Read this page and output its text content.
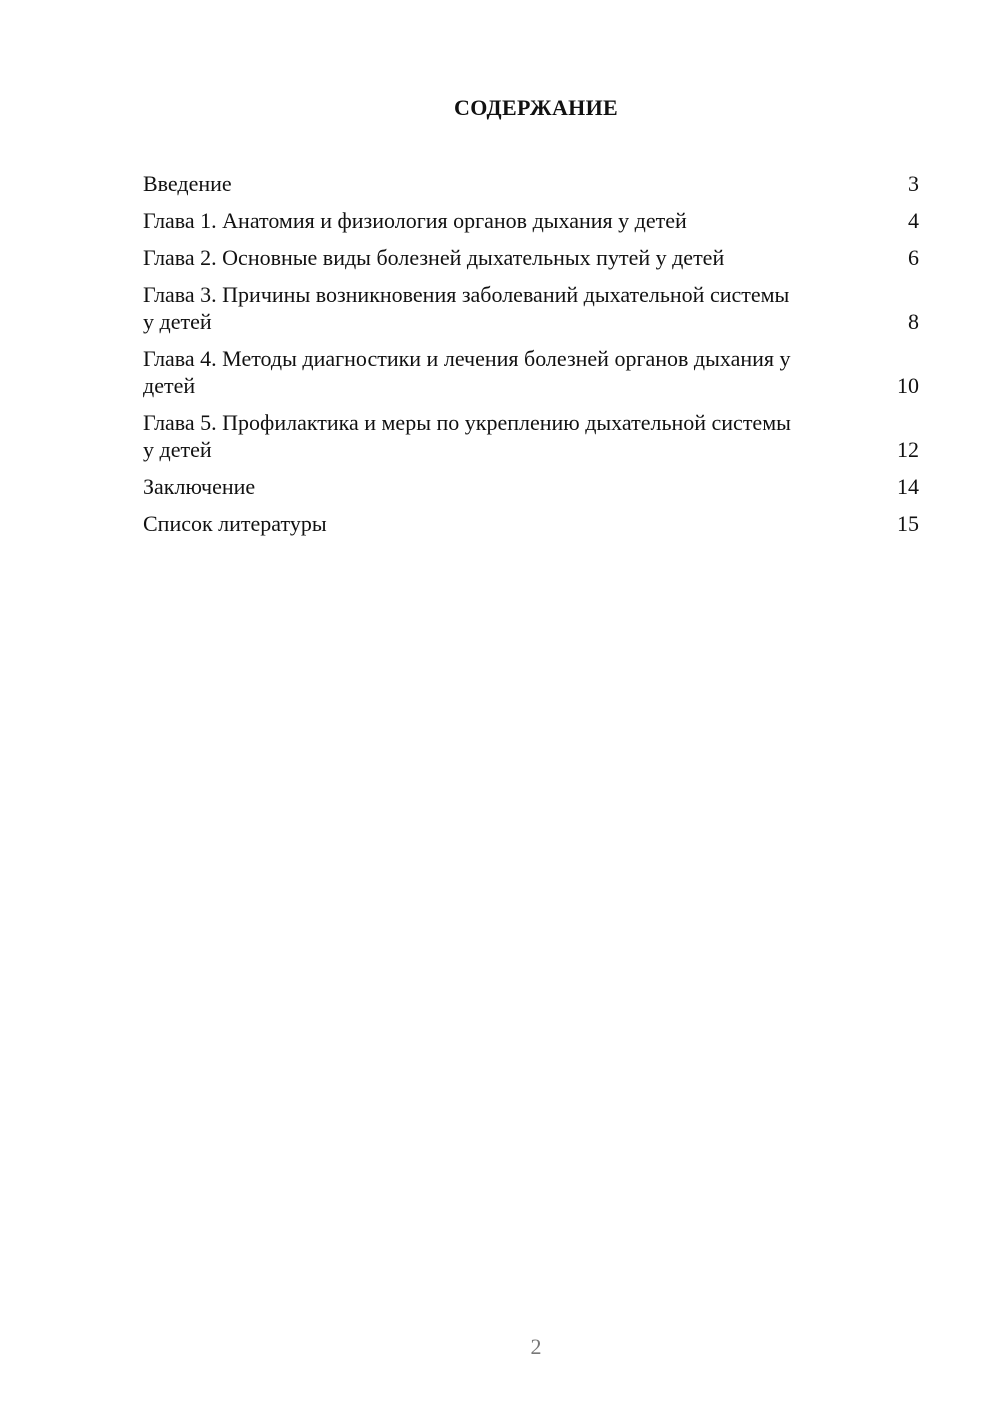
СОДЕРЖАНИЕ
Введение	3
Глава 1. Анатомия и физиология органов дыхания у детей	4
Глава 2. Основные виды болезней дыхательных путей у детей	6
Глава 3. Причины возникновения заболеваний дыхательной системы у детей	8
Глава 4. Методы диагностики и лечения болезней органов дыхания у детей	10
Глава 5. Профилактика и меры по укреплению дыхательной системы у детей	12
Заключение	14
Список литературы	15
2
